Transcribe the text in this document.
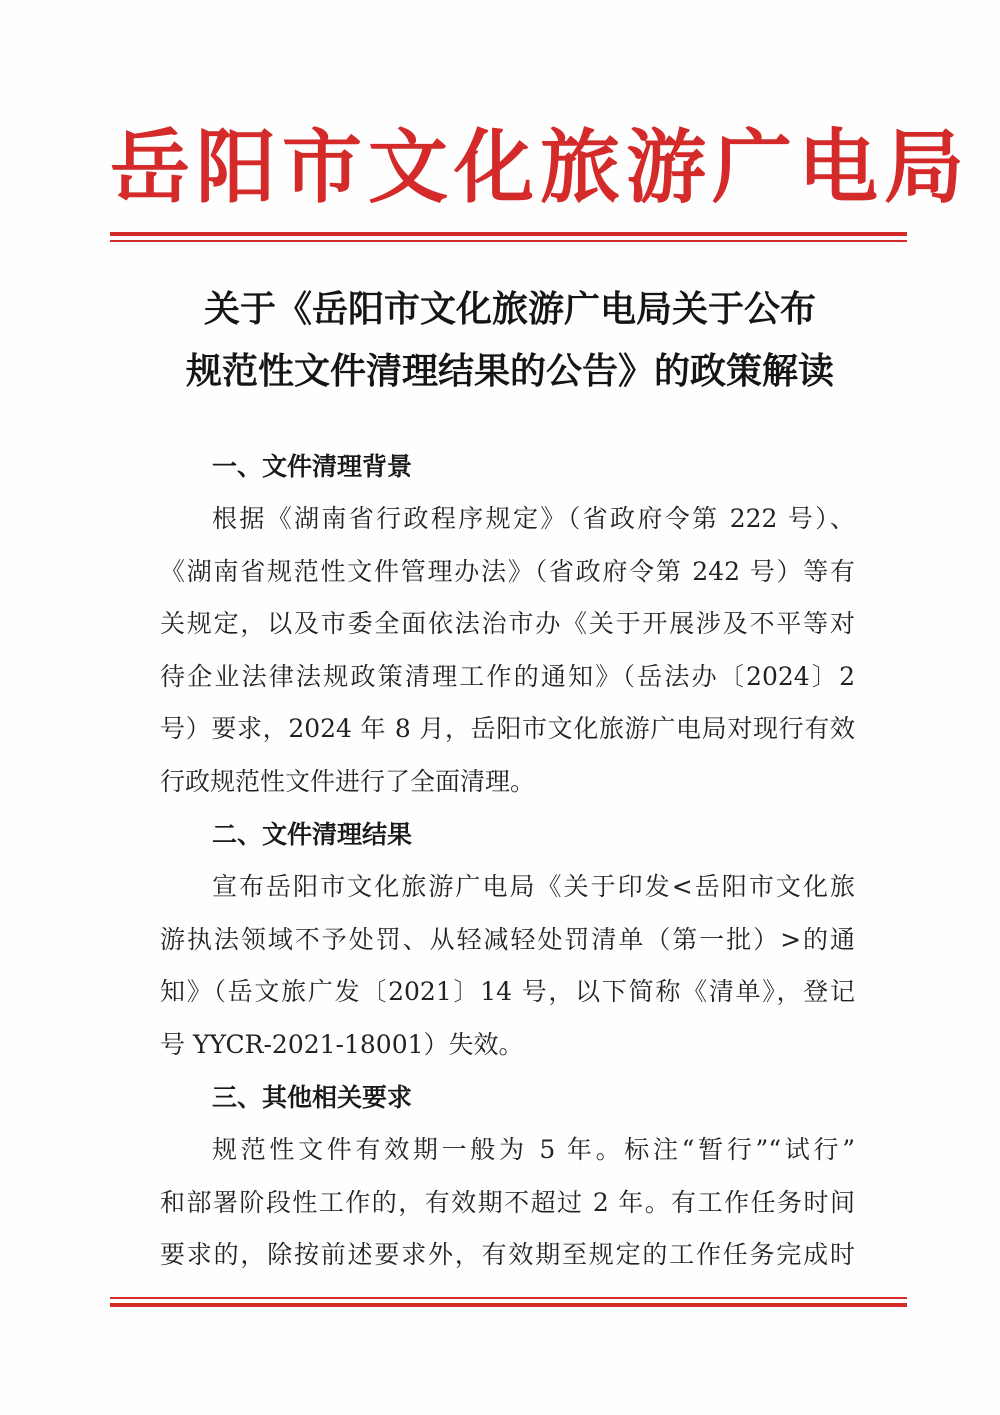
岳阳市文化旅游广电局
关于《岳阳市文化旅游广电局关于公布
规范性文件清理结果的公告》的政策解读
一、文件清理背景
根据《湖南省行政程序规定》（省政府令第 222 号）、
《湖南省规范性文件管理办法》（省政府令第 242 号）等有
关规定，以及市委全面依法治市办《关于开展涉及不平等对
待企业法律法规政策清理工作的通知》（岳法办〔2024〕2
号）要求，2024 年 8 月，岳阳市文化旅游广电局对现行有效
行政规范性文件进行了全面清理。
二、文件清理结果
宣布岳阳市文化旅游广电局《关于印发<岳阳市文化旅
游执法领域不予处罚、从轻减轻处罚清单（第一批）>的通
知》（岳文旅广发〔2021〕14 号，以下简称《清单》，登记
号 YYCR-2021-18001）失效。
三、其他相关要求
规范性文件有效期一般为 5 年。标注“暂行”“试行”
和部署阶段性工作的，有效期不超过 2 年。有工作任务时间
要求的，除按前述要求外，有效期至规定的工作任务完成时
